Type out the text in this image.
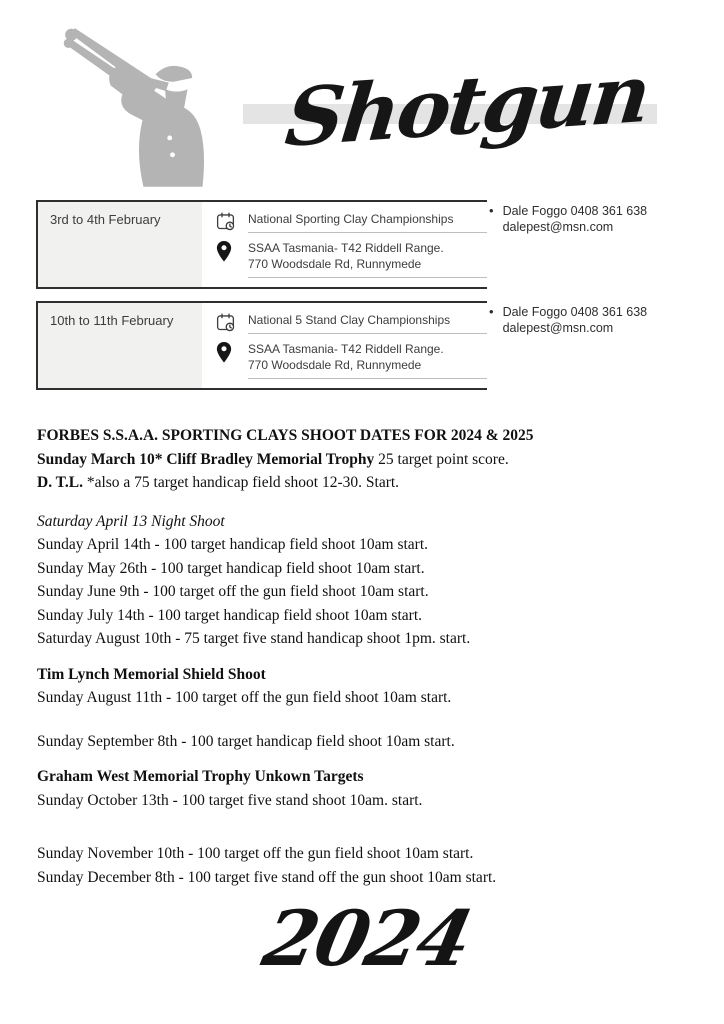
Shotgun
3rd to 4th February	National Sporting Clay Championships
SSAA Tasmania- T42 Riddell Range.
770 Woodsdale Rd, Runnymede
• Dale Foggo 0408 361 638
dalepest@msn.com
10th to 11th February	National 5 Stand Clay Championships
SSAA Tasmania- T42 Riddell Range.
770 Woodsdale Rd, Runnymede
• Dale Foggo 0408 361 638
dalepest@msn.com
FORBES S.S.A.A. SPORTING CLAYS SHOOT DATES FOR 2024 & 2025
Sunday March 10* Cliff Bradley Memorial Trophy 25 target point score.
D. T.L. *also a 75 target handicap field shoot 12-30. Start.
Saturday April 13 Night Shoot
Sunday April 14th - 100 target handicap field shoot 10am start.
Sunday May 26th - 100 target handicap field shoot 10am start.
Sunday June 9th - 100 target off the gun field shoot 10am start.
Sunday July 14th - 100 target handicap field shoot 10am start.
Saturday August 10th - 75 target five stand handicap shoot 1pm. start.
Tim Lynch Memorial Shield Shoot
Sunday August 11th - 100 target off the gun field shoot 10am start.
Sunday September 8th - 100 target handicap field shoot 10am start.
Graham West Memorial Trophy Unkown Targets
Sunday October 13th - 100 target five stand shoot 10am. start.
Sunday November 10th - 100 target off the gun field shoot 10am start.
Sunday December 8th - 100 target five stand off the gun shoot 10am start.
2024
